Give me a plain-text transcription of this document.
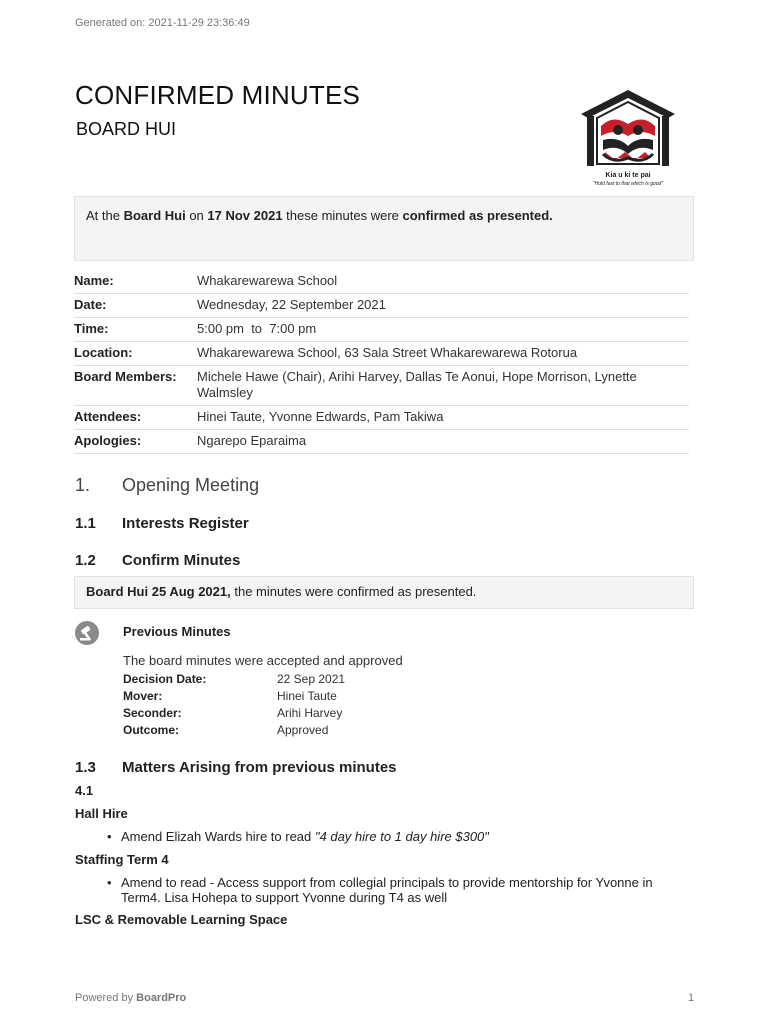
Generated on: 2021-11-29 23:36:49
CONFIRMED MINUTES
BOARD HUI
Kia u ki te pai
"Hold fast to that which is good"
At the Board Hui on 17 Nov 2021 these minutes were confirmed as presented.
Name:	Whakarewarewa School
Date:	Wednesday, 22 September 2021
Time:	5:00 pm  to  7:00 pm
Location:	Whakarewarewa School, 63 Sala Street Whakarewarewa Rotorua
Board Members:	Michele Hawe (Chair), Arihi Harvey, Dallas Te Aonui, Hope Morrison, Lynette Walmsley
Attendees:	Hinei Taute, Yvonne Edwards, Pam Takiwa
Apologies:	Ngarepo Eparaima
1. Opening Meeting
1.1 Interests Register
1.2 Confirm Minutes
Board Hui 25 Aug 2021, the minutes were confirmed as presented.
Previous Minutes
The board minutes were accepted and approved
Decision Date:	22 Sep 2021
Mover:	Hinei Taute
Seconder:	Arihi Harvey
Outcome:	Approved
1.3 Matters Arising from previous minutes
4.1
Hall Hire
• Amend Elizah Wards hire to read "4 day hire to 1 day hire $300"
Staffing Term 4
• Amend to read - Access support from collegial principals to provide mentorship for Yvonne in Term4. Lisa Hohepa to support Yvonne during T4 as well
LSC & Removable Learning Space
Powered by BoardPro	1
